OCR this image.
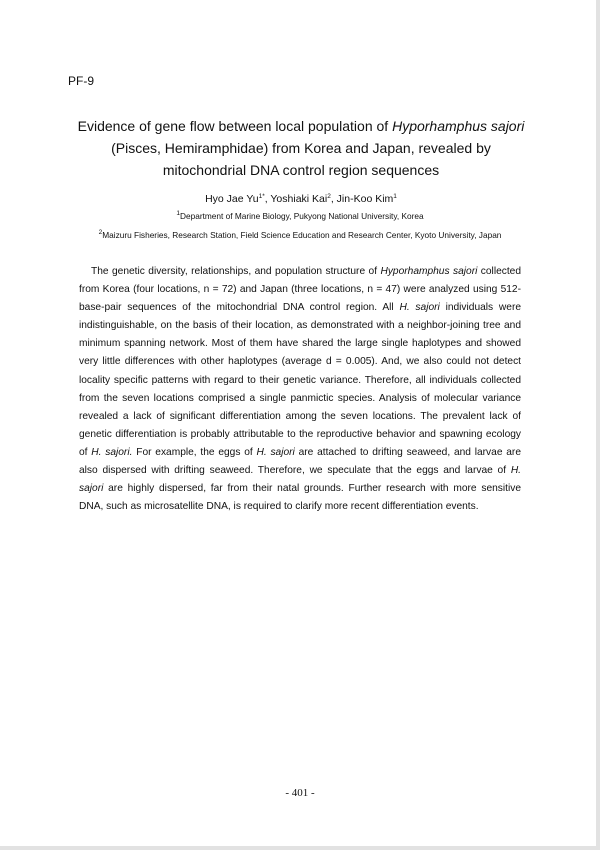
PF-9
Evidence of gene flow between local population of Hyporhamphus sajori (Pisces, Hemiramphidae) from Korea and Japan, revealed by mitochondrial DNA control region sequences
Hyo Jae $Yu^{1*}$, Yoshiaki Kai$^2$, Jin-Koo Kim$^1$
$^1$Department of Marine Biology, Pukyong National University, Korea
$^2$Maizuru Fisheries, Research Station, Field Science Education and Research Center, Kyoto University, Japan

The genetic diversity, relationships, and population structure of Hyporhamphus sajori collected from Korea (four locations, n = 72) and Japan (three locations, n = 47) were analyzed using 512-base-pair sequences of the mitochondrial DNA control region. All H. sajori individuals were indistinguishable, on the basis of their location, as demonstrated with a neighbor-joining tree and minimum spanning network. Most of them have shared the large single haplotypes and showed very little differences with other haplotypes (average d = 0.005). And, we also could not detect locality specific patterns with regard to their genetic variance. Therefore, all individuals collected from the seven locations comprised a single panmictic species. Analysis of molecular variance revealed a lack of significant differentiation among the seven locations. The prevalent lack of genetic differentiation is probably attributable to the reproductive behavior and spawning ecology of H. sajori. For example, the eggs of H. sajori are attached to drifting seaweed, and larvae are also dispersed with drifting seaweed. Therefore, we speculate that the eggs and larvae of H. sajori are highly dispersed, far from their natal grounds. Further research with more sensitive DNA, such as microsatellite DNA, is required to clarify more recent differentiation events.

- 401 -
